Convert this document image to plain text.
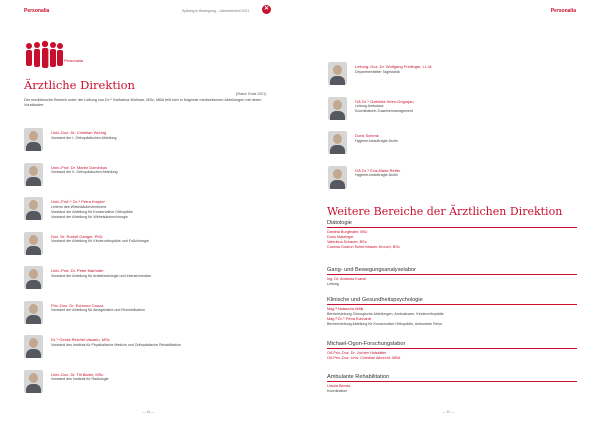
Personalia	Spitzing in Bewegung – Jahresbericht 2021	✕
Personalia
Ärztliche Direktion
(Stand: Ende 2021)
Der medizinische Bereich unter der Leitung von Dr.ⁱⁿ Katharina Wolman, MSc, MBA teilt sich in folgende medizinischen Abteilungen mit deren Vorständen:
Univ.-Doz. Dr. Christian Wurnig
Vorstand der I. Orthopädischen Abteilung
Univ.-Prof. Dr. Martin Dominkus
Vorstand der II. Orthopädischen Abteilung
Univ.-Prof.ⁱⁿ Dr.ⁱⁿ Petra Krepler
Leiterin des Wirbelsäulenzentrums
Vorstand der Abteilung für Konservative Orthopädie
Vorstand der Abteilung für Wirbelsäulenchirurgie
Doz. Dr. Rudolf Ganger, PhD.
Vorstand der Abteilung für Kinderorthopädie und Fußchirurgie
Univ.-Prof. Dr. Peter Marhofer
Vorstand der Abteilung für Anästhesiologie und Intensivmedizin
Priv.-Doz. Dr. Edmund Cauza
Vorstand der Abteilung für Akutgeriatrie und Remobilisation
Dr.ⁱⁿ Gerda Reichel-Vacariu, MSc
Vorstand des Instituts für Physikalische Medizin und Orthopädische Rehabilitation
Univ.-Doz. Dr. Till Bader, MSc
Vorstand des Instituts für Radiologie
— 48 —
Personalia
Leitung: Doz. Dr. Wolfgang Freilinger, LL.M.
Departmentleiter Tagesklinik
OÄ Dr.ⁱⁿ Gabriela Heim-Grigorjan
Leitung Ambulanz
Koordinatorin Zuweisermanagement
Doris Schenk
Hygiene-beauftragte Ärztin
OÄ Dr.ⁱⁿ Eva-Maria Reiter
Hygiene-beauftragte Ärztin
— 49 —
Weitere Bereiche der Ärztlichen Direktion
Diätologie
Daniela Burgthaler, BSc
Doris Matzinger
Valentina Schauer, BSc
Cosima Gudrun Schermhauer-Krouch, BSc
Gang- und Bewegungsanalyselabor
Ing. Dr. Andreas Kranzl
Leitung
Klinische und Gesundheitspsychologie
Mag.ª Natascha Wälk
Bereichsleitung Chirurgische Abteilungen, Ambulanzen, Kinderorthopädie
Mag.ª Dr.ⁱⁿ Petra Eckhardt
Bereichsleitung Abteilung für Konservative Orthopädie, Ambulante Reha
Michael-Ogon-Forschungslabor
OA Priv.-Doz. Dr. Jochen Hofstätter
OA Priv.-Doz. Univ. Christian Albrecht, MBA
Ambulante Rehabilitation
Ursula Benda
Koordination
